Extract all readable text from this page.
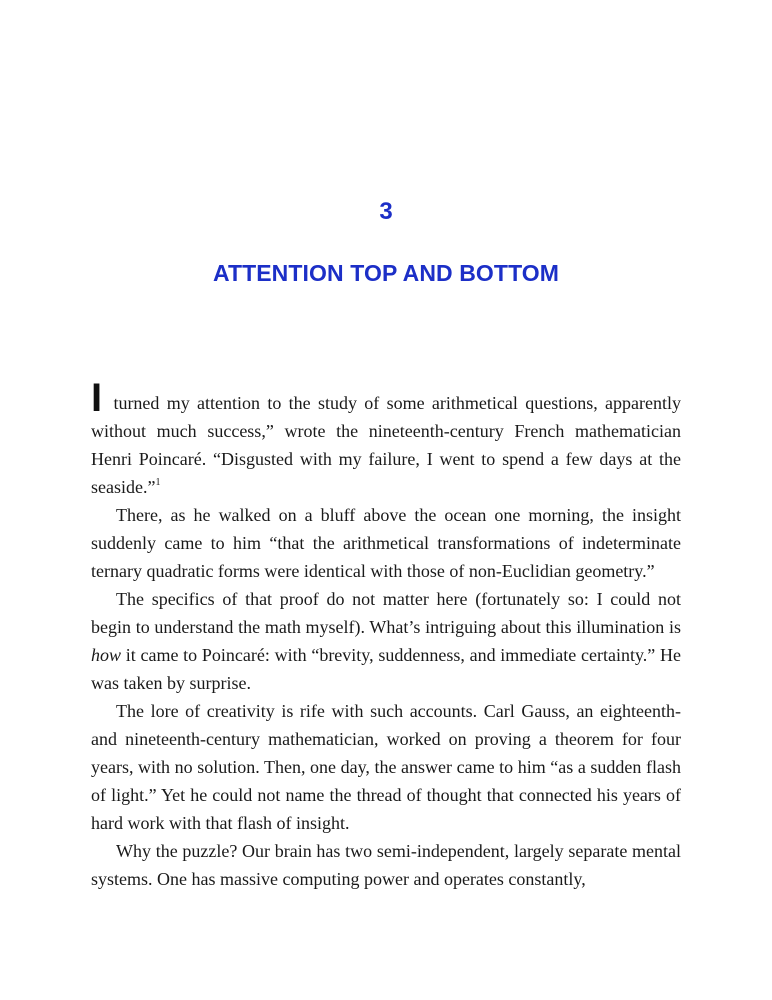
3
ATTENTION TOP AND BOTTOM

I turned my attention to the study of some arithmetical questions, apparently without much success,” wrote the nineteenth-century French mathematician Henri Poincaré. “Disgusted with my failure, I went to spend a few days at the seaside.”$^1$

There, as he walked on a bluff above the ocean one morning, the insight suddenly came to him “that the arithmetical transformations of indeterminate ternary quadratic forms were identical with those of non-Euclidian geometry.”

The specifics of that proof do not matter here (fortunately so: I could not begin to understand the math myself). What’s intriguing about this illumination is how it came to Poincaré: with “brevity, suddenness, and immediate certainty.” He was taken by surprise.

The lore of creativity is rife with such accounts. Carl Gauss, an eighteenth- and nineteenth-century mathematician, worked on proving a theorem for four years, with no solution. Then, one day, the answer came to him “as a sudden flash of light.” Yet he could not name the thread of thought that connected his years of hard work with that flash of insight.

Why the puzzle? Our brain has two semi-independent, largely separate mental systems. One has massive computing power and operates constantly,
